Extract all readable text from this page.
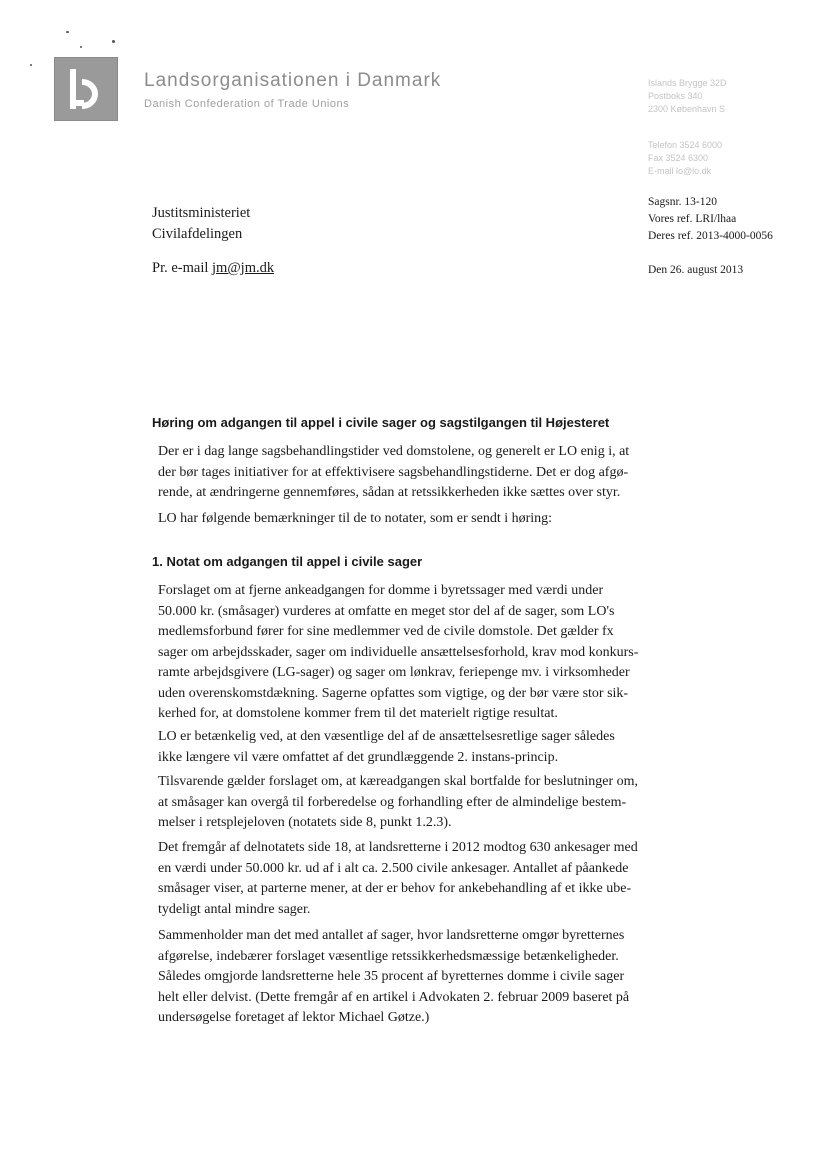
Landsorganisationen i Danmark
Danish Confederation of Trade Unions
Islands Brygge 32D
Postboks 340
2300 København S
Telefon 3524 6000
Fax 3524 6300
E-mail lo@lo.dk
Justitsministeriet
Civilafdelingen
Pr. e-mail jm@jm.dk
Sagsnr. 13-120
Vores ref. LRI/lhaa
Deres ref. 2013-4000-0056
Den 26. august 2013
Høring om adgangen til appel i civile sager og sagstilgangen til Højesteret

Der er i dag lange sagsbehandlingstider ved domstolene, og generelt er LO enig i, at
der bør tages initiativer for at effektivisere sagsbehandlingstiderne. Det er dog afgø-
rende, at ændringerne gennemføres, sådan at retssikkerheden ikke sættes over styr.

LO har følgende bemærkninger til de to notater, som er sendt i høring:

1. Notat om adgangen til appel i civile sager

Forslaget om at fjerne ankeadgangen for domme i byretssager med værdi under
50.000 kr. (småsager) vurderes at omfatte en meget stor del af de sager, som LO's
medlemsforbund fører for sine medlemmer ved de civile domstole. Det gælder fx
sager om arbejdsskader, sager om individuelle ansættelsesforhold, krav mod konkurs-
ramte arbejdsgivere (LG-sager) og sager om lønkrav, feriepenge mv. i virksomheder
uden overenskomstdækning. Sagerne opfattes som vigtige, og der bør være stor sik-
kerhed for, at domstolene kommer frem til det materielt rigtige resultat.

LO er betænkelig ved, at den væsentlige del af de ansættelsesretlige sager således
ikke længere vil være omfattet af det grundlæggende 2. instans-princip.

Tilsvarende gælder forslaget om, at kæreadgangen skal bortfalde for beslutninger om,
at småsager kan overgå til forberedelse og forhandling efter de almindelige bestem-
melser i retsplejeloven (notatets side 8, punkt 1.2.3).

Det fremgår af delnotatets side 18, at landsretterne i 2012 modtog 630 ankesager med
en værdi under 50.000 kr. ud af i alt ca. 2.500 civile ankesager. Antallet af påankede
småsager viser, at parterne mener, at der er behov for ankebehandling af et ikke ube-
tydeligt antal mindre sager.

Sammenholder man det med antallet af sager, hvor landsretterne omgør byretternes
afgørelse, indebærer forslaget væsentlige retssikkerhedsmæssige betænkeligheder.
Således omgjorde landsretterne hele 35 procent af byretternes domme i civile sager
helt eller delvist. (Dette fremgår af en artikel i Advokaten 2. februar 2009 baseret på
undersøgelse foretaget af lektor Michael Gøtze.)
